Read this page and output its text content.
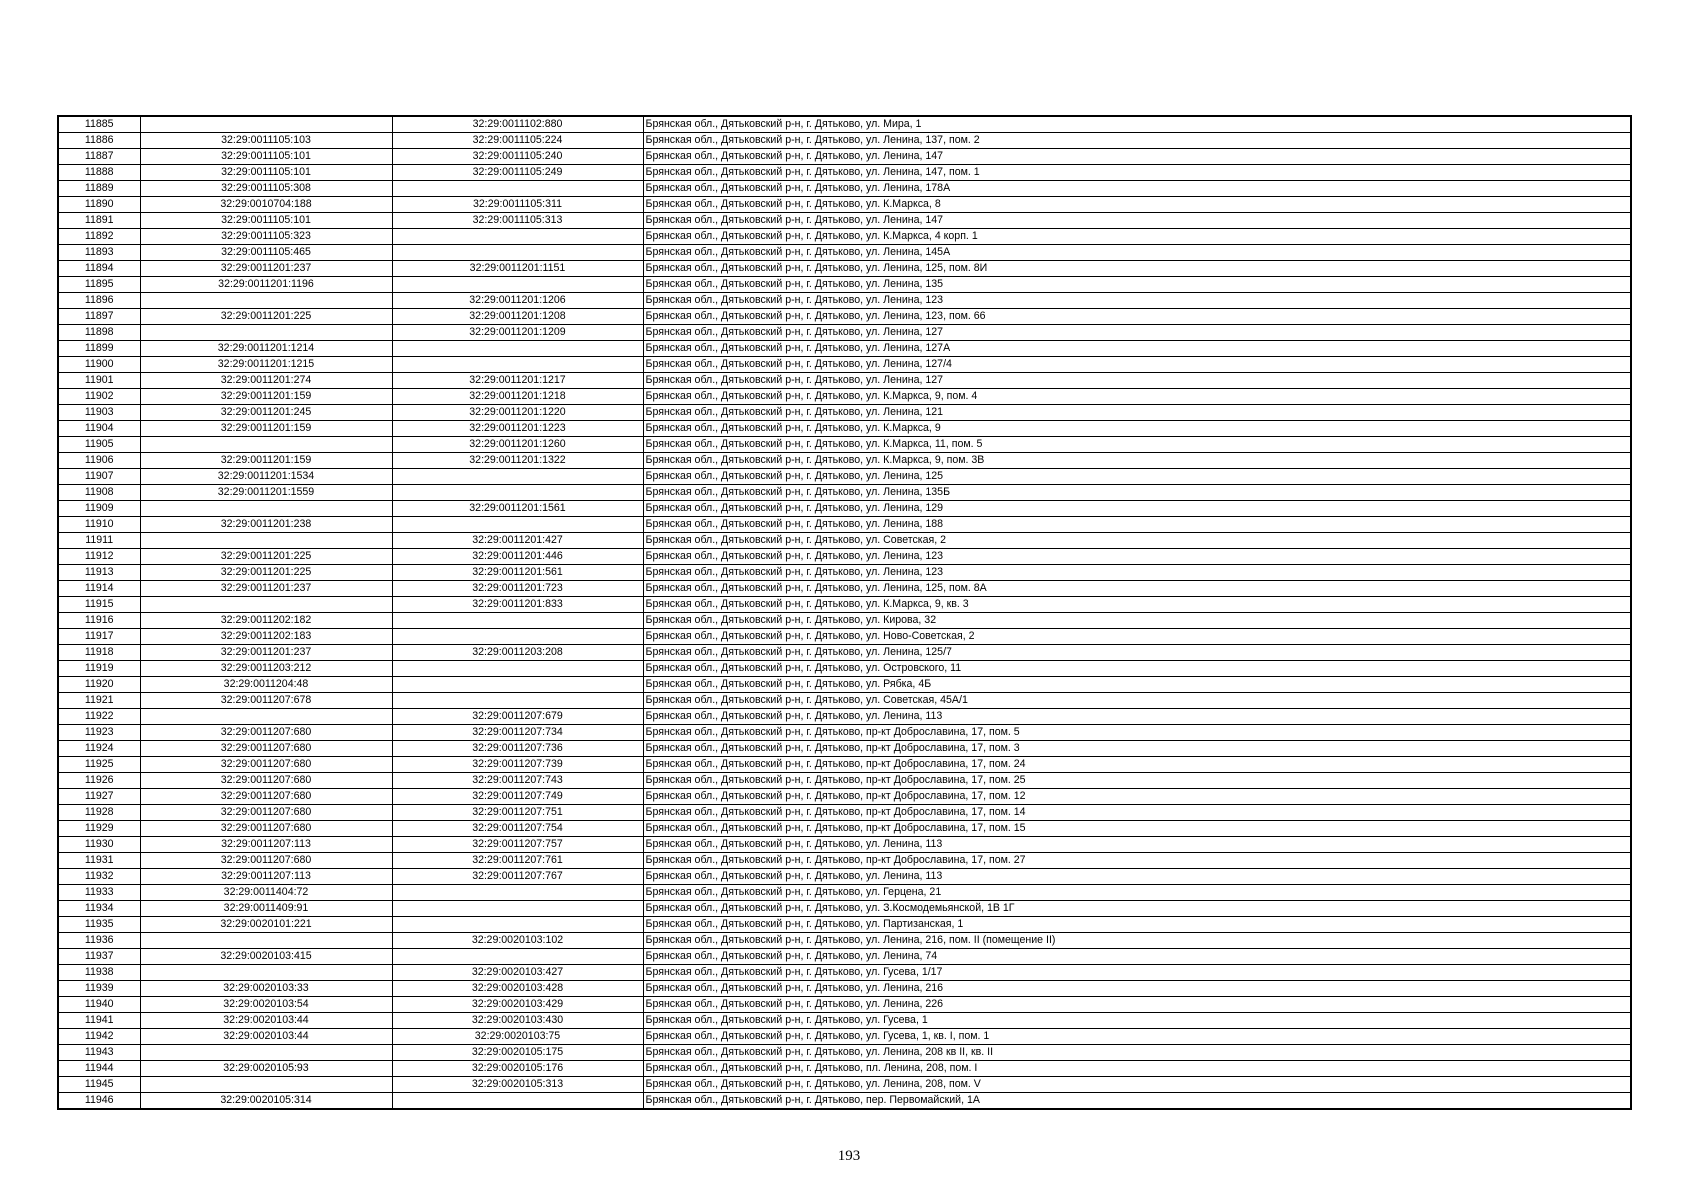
11885		32:29:0011102:880	Брянская обл., Дятьковский р-н, г. Дятьково, ул. Мира, 1
11886	32:29:0011105:103	32:29:0011105:224	Брянская обл., Дятьковский р-н, г. Дятьково, ул. Ленина, 137, пом. 2
11887	32:29:0011105:101	32:29:0011105:240	Брянская обл., Дятьковский р-н, г. Дятьково, ул. Ленина, 147
11888	32:29:0011105:101	32:29:0011105:249	Брянская обл., Дятьковский р-н, г. Дятьково, ул. Ленина, 147, пом. 1
11889	32:29:0011105:308		Брянская обл., Дятьковский р-н, г. Дятьково, ул. Ленина, 178А
11890	32:29:0010704:188	32:29:0011105:311	Брянская обл., Дятьковский р-н, г. Дятьково, ул. К.Маркса, 8
11891	32:29:0011105:101	32:29:0011105:313	Брянская обл., Дятьковский р-н, г. Дятьково, ул. Ленина, 147
11892	32:29:0011105:323		Брянская обл., Дятьковский р-н, г. Дятьково, ул. К.Маркса, 4 корп. 1
11893	32:29:0011105:465		Брянская обл., Дятьковский р-н, г. Дятьково, ул. Ленина, 145А
11894	32:29:0011201:237	32:29:0011201:1151	Брянская обл., Дятьковский р-н, г. Дятьково, ул. Ленина, 125, пом. 8И
11895	32:29:0011201:1196		Брянская обл., Дятьковский р-н, г. Дятьково, ул. Ленина, 135
11896		32:29:0011201:1206	Брянская обл., Дятьковский р-н, г. Дятьково, ул. Ленина, 123
11897	32:29:0011201:225	32:29:0011201:1208	Брянская обл., Дятьковский р-н, г. Дятьково, ул. Ленина, 123, пом. 66
11898		32:29:0011201:1209	Брянская обл., Дятьковский р-н, г. Дятьково, ул. Ленина, 127
11899	32:29:0011201:1214		Брянская обл., Дятьковский р-н, г. Дятьково, ул. Ленина, 127А
11900	32:29:0011201:1215		Брянская обл., Дятьковский р-н, г. Дятьково, ул. Ленина, 127/4
11901	32:29:0011201:274	32:29:0011201:1217	Брянская обл., Дятьковский р-н, г. Дятьково, ул. Ленина, 127
11902	32:29:0011201:159	32:29:0011201:1218	Брянская обл., Дятьковский р-н, г. Дятьково, ул. К.Маркса, 9, пом. 4
11903	32:29:0011201:245	32:29:0011201:1220	Брянская обл., Дятьковский р-н, г. Дятьково, ул. Ленина, 121
11904	32:29:0011201:159	32:29:0011201:1223	Брянская обл., Дятьковский р-н, г. Дятьково, ул. К.Маркса, 9
11905		32:29:0011201:1260	Брянская обл., Дятьковский р-н, г. Дятьково, ул. К.Маркса, 11, пом. 5
11906	32:29:0011201:159	32:29:0011201:1322	Брянская обл., Дятьковский р-н, г. Дятьково, ул. К.Маркса, 9, пом. 3В
11907	32:29:0011201:1534		Брянская обл., Дятьковский р-н, г. Дятьково, ул. Ленина, 125
11908	32:29:0011201:1559		Брянская обл., Дятьковский р-н, г. Дятьково, ул. Ленина, 135Б
11909		32:29:0011201:1561	Брянская обл., Дятьковский р-н, г. Дятьково, ул. Ленина, 129
11910	32:29:0011201:238		Брянская обл., Дятьковский р-н, г. Дятьково, ул. Ленина, 188
11911		32:29:0011201:427	Брянская обл., Дятьковский р-н, г. Дятьково, ул. Советская, 2
11912	32:29:0011201:225	32:29:0011201:446	Брянская обл., Дятьковский р-н, г. Дятьково, ул. Ленина, 123
11913	32:29:0011201:225	32:29:0011201:561	Брянская обл., Дятьковский р-н, г. Дятьково, ул. Ленина, 123
11914	32:29:0011201:237	32:29:0011201:723	Брянская обл., Дятьковский р-н, г. Дятьково, ул. Ленина, 125, пом. 8А
11915		32:29:0011201:833	Брянская обл., Дятьковский р-н, г. Дятьково, ул. К.Маркса, 9, кв. 3
11916	32:29:0011202:182		Брянская обл., Дятьковский р-н, г. Дятьково, ул. Кирова, 32
11917	32:29:0011202:183		Брянская обл., Дятьковский р-н, г. Дятьково, ул. Ново-Советская, 2
11918	32:29:0011201:237	32:29:0011203:208	Брянская обл., Дятьковский р-н, г. Дятьково, ул. Ленина, 125/7
11919	32:29:0011203:212		Брянская обл., Дятьковский р-н, г. Дятьково, ул. Островского, 11
11920	32:29:0011204:48		Брянская обл., Дятьковский р-н, г. Дятьково, ул. Рябка, 4Б
11921	32:29:0011207:678		Брянская обл., Дятьковский р-н, г. Дятьково, ул. Советская, 45А/1
11922		32:29:0011207:679	Брянская обл., Дятьковский р-н, г. Дятьково, ул. Ленина, 113
11923	32:29:0011207:680	32:29:0011207:734	Брянская обл., Дятьковский р-н, г. Дятьково, пр-кт Доброславина, 17, пом. 5
11924	32:29:0011207:680	32:29:0011207:736	Брянская обл., Дятьковский р-н, г. Дятьково, пр-кт Доброславина, 17, пом. 3
11925	32:29:0011207:680	32:29:0011207:739	Брянская обл., Дятьковский р-н, г. Дятьково, пр-кт Доброславина, 17, пом. 24
11926	32:29:0011207:680	32:29:0011207:743	Брянская обл., Дятьковский р-н, г. Дятьково, пр-кт Доброславина, 17, пом. 25
11927	32:29:0011207:680	32:29:0011207:749	Брянская обл., Дятьковский р-н, г. Дятьково, пр-кт Доброславина, 17, пом. 12
11928	32:29:0011207:680	32:29:0011207:751	Брянская обл., Дятьковский р-н, г. Дятьково, пр-кт Доброславина, 17, пом. 14
11929	32:29:0011207:680	32:29:0011207:754	Брянская обл., Дятьковский р-н, г. Дятьково, пр-кт Доброславина, 17, пом. 15
11930	32:29:0011207:113	32:29:0011207:757	Брянская обл., Дятьковский р-н, г. Дятьково, ул. Ленина, 113
11931	32:29:0011207:680	32:29:0011207:761	Брянская обл., Дятьковский р-н, г. Дятьково, пр-кт Доброславина, 17, пом. 27
11932	32:29:0011207:113	32:29:0011207:767	Брянская обл., Дятьковский р-н, г. Дятьково, ул. Ленина, 113
11933	32:29:0011404:72		Брянская обл., Дятьковский р-н, г. Дятьково, ул. Герцена, 21
11934	32:29:0011409:91		Брянская обл., Дятьковский р-н, г. Дятьково, ул. З.Космодемьянской, 1В 1Г
11935	32:29:0020101:221		Брянская обл., Дятьковский р-н, г. Дятьково, ул. Партизанская, 1
11936		32:29:0020103:102	Брянская обл., Дятьковский р-н, г. Дятьково, ул. Ленина, 216, пом. II (помещение II)
11937	32:29:0020103:415		Брянская обл., Дятьковский р-н, г. Дятьково, ул. Ленина, 74
11938		32:29:0020103:427	Брянская обл., Дятьковский р-н, г. Дятьково, ул. Гусева, 1/17
11939	32:29:0020103:33	32:29:0020103:428	Брянская обл., Дятьковский р-н, г. Дятьково, ул. Ленина, 216
11940	32:29:0020103:54	32:29:0020103:429	Брянская обл., Дятьковский р-н, г. Дятьково, ул. Ленина, 226
11941	32:29:0020103:44	32:29:0020103:430	Брянская обл., Дятьковский р-н, г. Дятьково, ул. Гусева, 1
11942	32:29:0020103:44	32:29:0020103:75	Брянская обл., Дятьковский р-н, г. Дятьково, ул. Гусева, 1, кв. I, пом. 1
11943		32:29:0020105:175	Брянская обл., Дятьковский р-н, г. Дятьково, ул. Ленина, 208 кв II, кв. II
11944	32:29:0020105:93	32:29:0020105:176	Брянская обл., Дятьковский р-н, г. Дятьково, пл. Ленина, 208, пом. I
11945		32:29:0020105:313	Брянская обл., Дятьковский р-н, г. Дятьково, ул. Ленина, 208, пом. V
11946	32:29:0020105:314		Брянская обл., Дятьковский р-н, г. Дятьково, пер. Первомайский, 1А
193
